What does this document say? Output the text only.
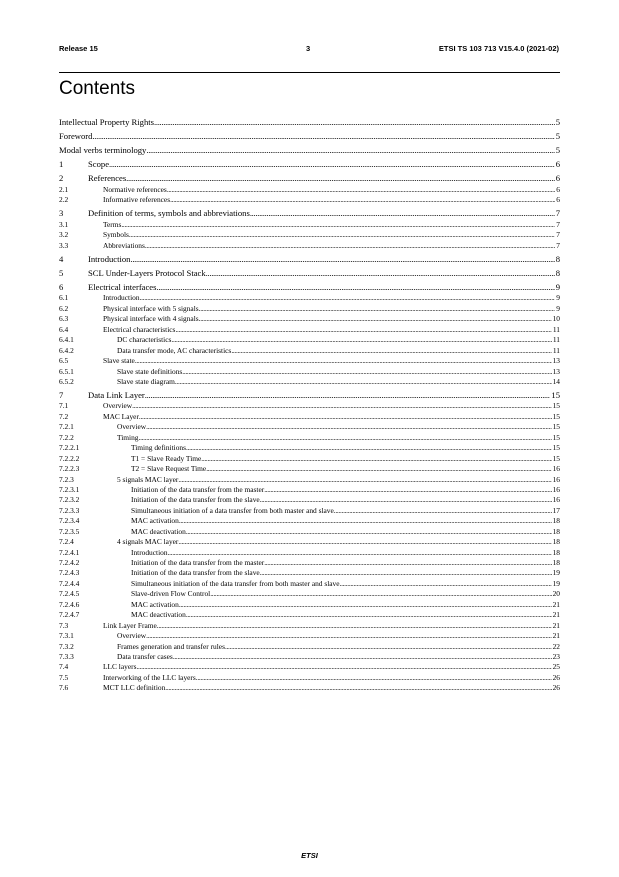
Release 15	3	ETSI TS 103 713 V15.4.0 (2021-02)
Contents
Intellectual Property Rights .....	5
Foreword .....	5
Modal verbs terminology .....	5
1	Scope .....	6
2	References .....	6
2.1	Normative references .....	6
2.2	Informative references .....	6
3	Definition of terms, symbols and abbreviations .....	7
3.1	Terms .....	7
3.2	Symbols .....	7
3.3	Abbreviations .....	7
4	Introduction .....	8
5	SCL Under-Layers Protocol Stack .....	8
6	Electrical interfaces .....	9
6.1	Introduction .....	9
6.2	Physical interface with 5 signals .....	9
6.3	Physical interface with 4 signals .....	10
6.4	Electrical characteristics .....	11
6.4.1	DC characteristics .....	11
6.4.2	Data transfer mode, AC characteristics .....	11
6.5	Slave state .....	13
6.5.1	Slave state definitions .....	13
6.5.2	Slave state diagram .....	14
7	Data Link Layer .....	15
7.1	Overview .....	15
7.2	MAC Layer .....	15
7.2.1	Overview .....	15
7.2.2	Timing .....	15
7.2.2.1	Timing definitions .....	15
7.2.2.2	T1 = Slave Ready Time .....	15
7.2.2.3	T2 = Slave Request Time .....	16
7.2.3	5 signals MAC layer .....	16
7.2.3.1	Initiation of the data transfer from the master .....	16
7.2.3.2	Initiation of the data transfer from the slave .....	16
7.2.3.3	Simultaneous initiation of a data transfer from both master and slave .....	17
7.2.3.4	MAC activation .....	18
7.2.3.5	MAC deactivation .....	18
7.2.4	4 signals MAC layer .....	18
7.2.4.1	Introduction .....	18
7.2.4.2	Initiation of the data transfer from the master .....	18
7.2.4.3	Initiation of the data transfer from the slave .....	19
7.2.4.4	Simultaneous initiation of the data transfer from both master and slave .....	19
7.2.4.5	Slave-driven Flow Control .....	20
7.2.4.6	MAC activation .....	21
7.2.4.7	MAC deactivation .....	21
7.3	Link Layer Frame .....	21
7.3.1	Overview .....	21
7.3.2	Frames generation and transfer rules .....	22
7.3.3	Data transfer cases .....	23
7.4	LLC layers .....	25
7.5	Interworking of the LLC layers .....	26
7.6	MCT LLC definition .....	26
ETSI
